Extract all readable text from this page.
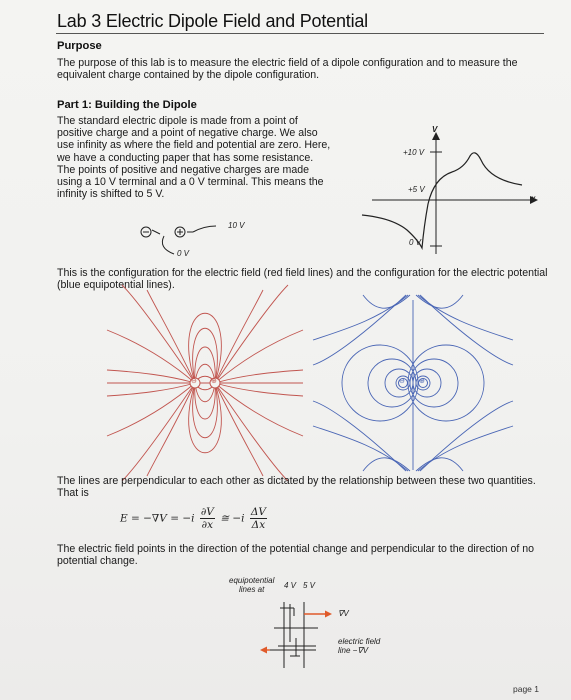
Lab 3 Electric Dipole Field and Potential
Purpose
The purpose of this lab is to measure the electric field of a dipole configuration and to measure the equivalent charge contained by the dipole configuration.
Part 1: Building the Dipole
The standard electric dipole is made from a point of positive charge and a point of negative charge. We also use infinity as where the field and potential are zero. Here, we have a conducting paper that has some resistance. The points of positive and negative charges are made using a 10 V terminal and a 0 V terminal. This means the infinity is shifted to 5 V.
V
x
+10 V
+5 V
0 V
10 V
0 V
This is the configuration for the electric field (red field lines) and the configuration for the electric potential (blue equipotential lines).
⊖ ⊕	⊖ ⊕
The lines are perpendicular to each other as dictated by the relationship between these two quantities. That is
$E = -\nabla V = -i \frac{\partial V}{\partial x}$ ≅ $-i \frac{\Delta V}{\Delta x}$
The electric field points in the direction of the potential change and perpendicular to the direction of no potential change.
equipotential
lines at	4 V 5 V
∇V
electric field
line −∇V
page 1
